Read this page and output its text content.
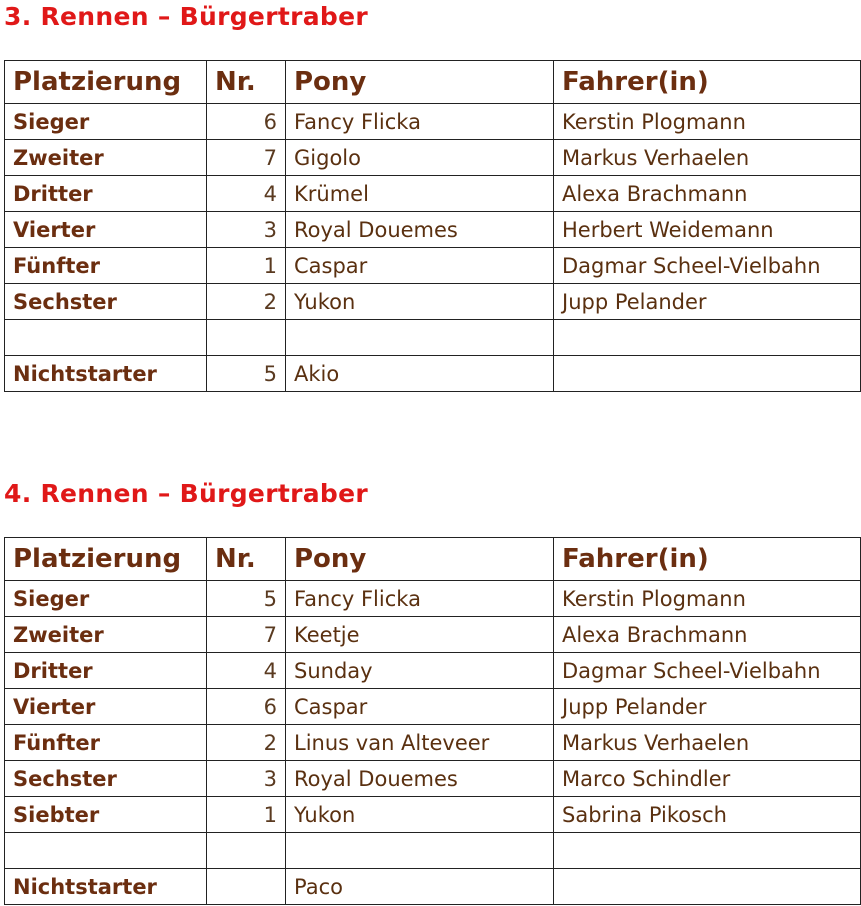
3. Rennen – Bürgertraber
Platzierung	Nr.	Pony	Fahrer(in)
Sieger	6	Fancy Flicka	Kerstin Plogmann
Zweiter	7	Gigolo	Markus Verhaelen
Dritter	4	Krümel	Alexa Brachmann
Vierter	3	Royal Douemes	Herbert Weidemann
Fünfter	1	Caspar	Dagmar Scheel-Vielbahn
Sechster	2	Yukon	Jupp Pelander

Nichtstarter	5	Akio	
4. Rennen – Bürgertraber
Platzierung	Nr.	Pony	Fahrer(in)
Sieger	5	Fancy Flicka	Kerstin Plogmann
Zweiter	7	Keetje	Alexa Brachmann
Dritter	4	Sunday	Dagmar Scheel-Vielbahn
Vierter	6	Caspar	Jupp Pelander
Fünfter	2	Linus van Alteveer	Markus Verhaelen
Sechster	3	Royal Douemes	Marco Schindler
Siebter	1	Yukon	Sabrina Pikosch

Nichtstarter		Paco	
